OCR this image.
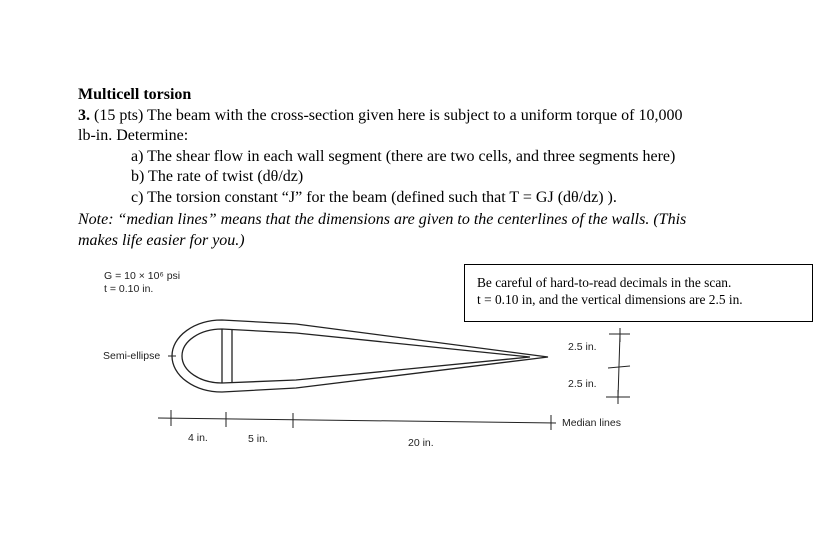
Multicell torsion
3. (15 pts) The beam with the cross-section given here is subject to a uniform torque of 10,000
lb-in. Determine:
a) The shear flow in each wall segment (there are two cells, and three segments here)
b) The rate of twist (dθ/dz)
c) The torsion constant “J” for the beam (defined such that T = GJ (dθ/dz) ).
Note: “median lines” means that the dimensions are given to the centerlines of the walls. (This
makes life easier for you.)
Be careful of hard-to-read decimals in the scan.
t = 0.10 in, and the vertical dimensions are 2.5 in.
G = 10 × 10⁶ psi
t = 0.10 in.
Semi-ellipse
2.5 in.
2.5 in.
4 in.	5 in.	20 in.
Median lines
